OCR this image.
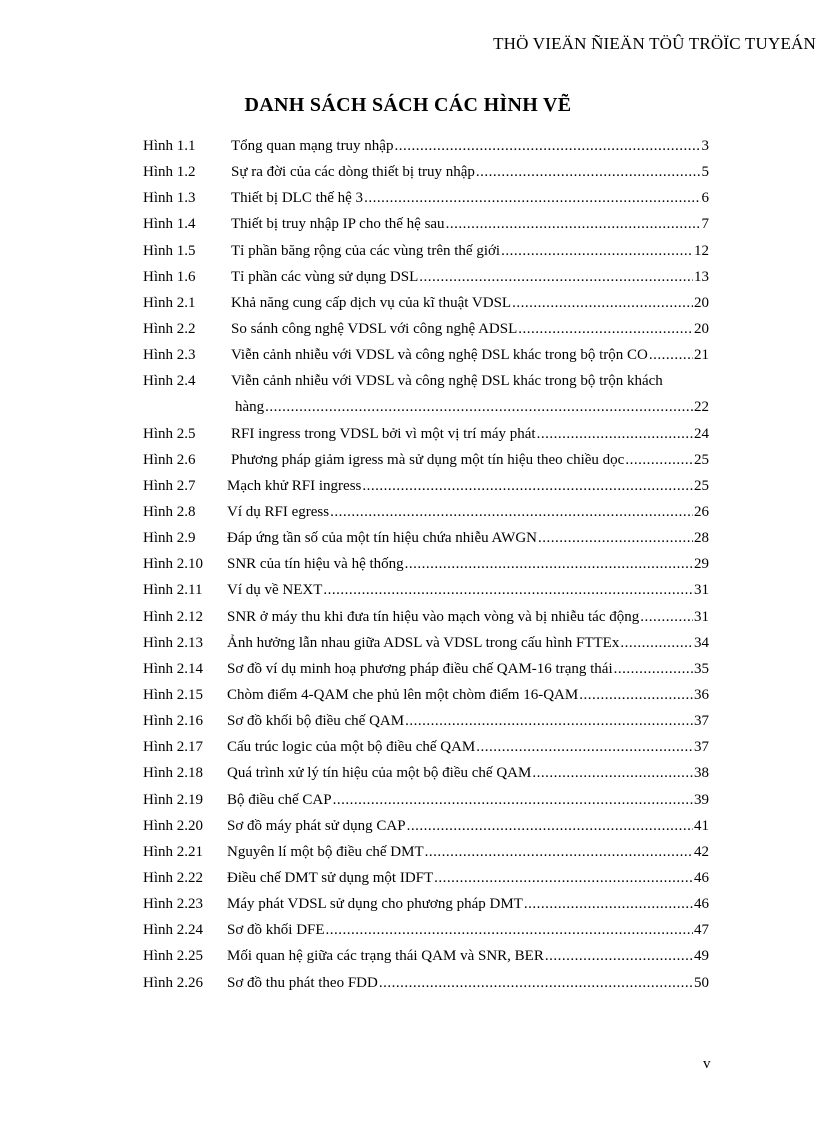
THÖ VIEÄN ÑIEÄN TÖÛ TRÖÏC TUYEÁN
DANH SÁCH SÁCH CÁC HÌNH VẼ
Hình 1.1 Tổng quan mạng truy nhập .....	3
Hình 1.2 Sự ra đời của các dòng thiết bị truy nhập .....	5
Hình 1.3 Thiết bị DLC thế hệ 3 .....	6
Hình 1.4 Thiết bị truy nhập IP cho thế hệ sau .....	7
Hình 1.5 Tỉ phần băng rộng của các vùng trên thế giới .....	12
Hình 1.6 Tỉ phần các vùng sử dụng DSL .....	13
Hình 2.1 Khả năng cung cấp dịch vụ của kĩ thuật VDSL .....	20
Hình 2.2 So sánh công nghệ VDSL với công nghệ ADSL .....	20
Hình 2.3 Viễn cảnh nhiễu với VDSL và công nghệ DSL khác trong bộ trộn CO .....	21
Hình 2.4 Viễn cảnh nhiễu với VDSL và công nghệ DSL khác trong bộ trộn khách
hàng .....	22
Hình 2.5 RFI ingress trong VDSL bởi vì một vị trí máy phát .....	24
Hình 2.6 Phương pháp giảm igress mà sử dụng một tín hiệu theo chiều dọc .....	25
Hình 2.7 Mạch khử RFI ingress .....	25
Hình 2.8 Ví dụ RFI egress .....	26
Hình 2.9 Đáp ứng tần số của một tín hiệu chứa nhiễu AWGN .....	28
Hình 2.10 SNR của tín hiệu và hệ thống .....	29
Hình 2.11 Ví dụ về NEXT .....	31
Hình 2.12 SNR ở máy thu khi đưa tín hiệu vào mạch vòng và bị nhiễu tác động .....	31
Hình 2.13 Ảnh hưởng lẫn nhau giữa ADSL và VDSL trong cấu hình FTTEx .....	34
Hình 2.14 Sơ đồ ví dụ minh hoạ phương pháp điều chế QAM-16 trạng thái .....	35
Hình 2.15 Chòm điểm 4-QAM che phủ lên một chòm điểm 16-QAM .....	36
Hình 2.16 Sơ đồ khối bộ điều chế QAM .....	37
Hình 2.17 Cấu trúc logic của một bộ điều chế QAM .....	37
Hình 2.18 Quá trình xử lý tín hiệu của một bộ điều chế QAM .....	38
Hình 2.19 Bộ điều chế CAP .....	39
Hình 2.20 Sơ đồ máy phát sử dụng CAP .....	41
Hình 2.21 Nguyên lí một bộ điều chế DMT .....	42
Hình 2.22 Điều chế DMT sử dụng một IDFT .....	46
Hình 2.23 Máy phát VDSL sử dụng cho phương pháp DMT .....	46
Hình 2.24 Sơ đồ khối DFE .....	47
Hình 2.25 Mối quan hệ giữa các trạng thái QAM và SNR, BER .....	49
Hình 2.26 Sơ đồ thu phát theo FDD .....	50
v
